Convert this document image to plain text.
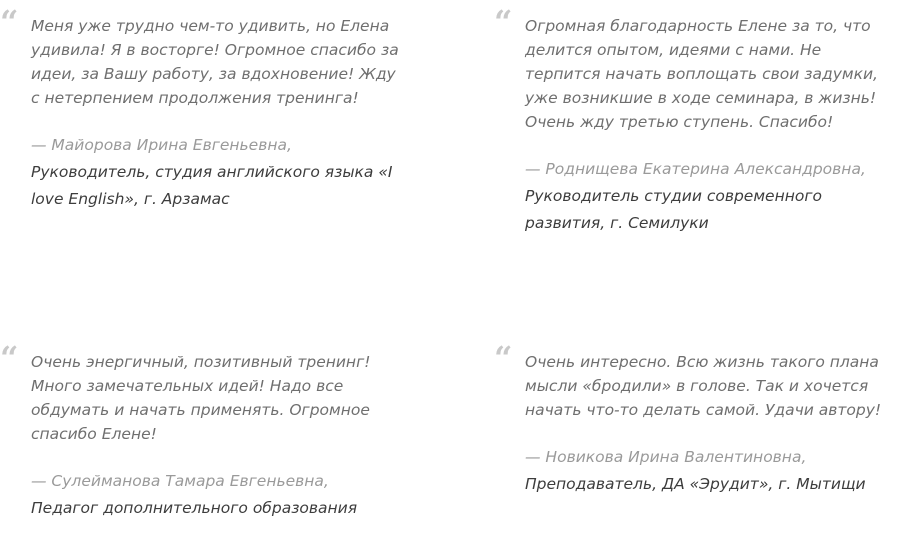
“ Меня уже трудно чем-то удивить, но Елена удивила! Я в восторге! Огромное спасибо за идеи, за Вашу работу, за вдохновение! Жду с нетерпением продолжения тренинга!

— Майорова Ирина Евгеньевна, Руководитель, студия английского языка «I love English», г. Арзамас
“ Огромная благодарность Елене за то, что делится опытом, идеями с нами. Не терпится начать воплощать свои задумки, уже возникшие в ходе семинара, в жизнь! Очень жду третью ступень. Спасибо!

— Роднищева Екатерина Александровна, Руководитель студии современного развития, г. Семилуки
“ Очень энергичный, позитивный тренинг! Много замечательных идей! Надо все обдумать и начать применять. Огромное спасибо Елене!

— Сулейманова Тамара Евгеньевна, Педагог дополнительного образования
“ Очень интересно. Всю жизнь такого плана мысли «бродили» в голове. Так и хочется начать что-то делать самой. Удачи автору!

— Новикова Ирина Валентиновна, Преподаватель, ДА «Эрудит», г. Мытищи
